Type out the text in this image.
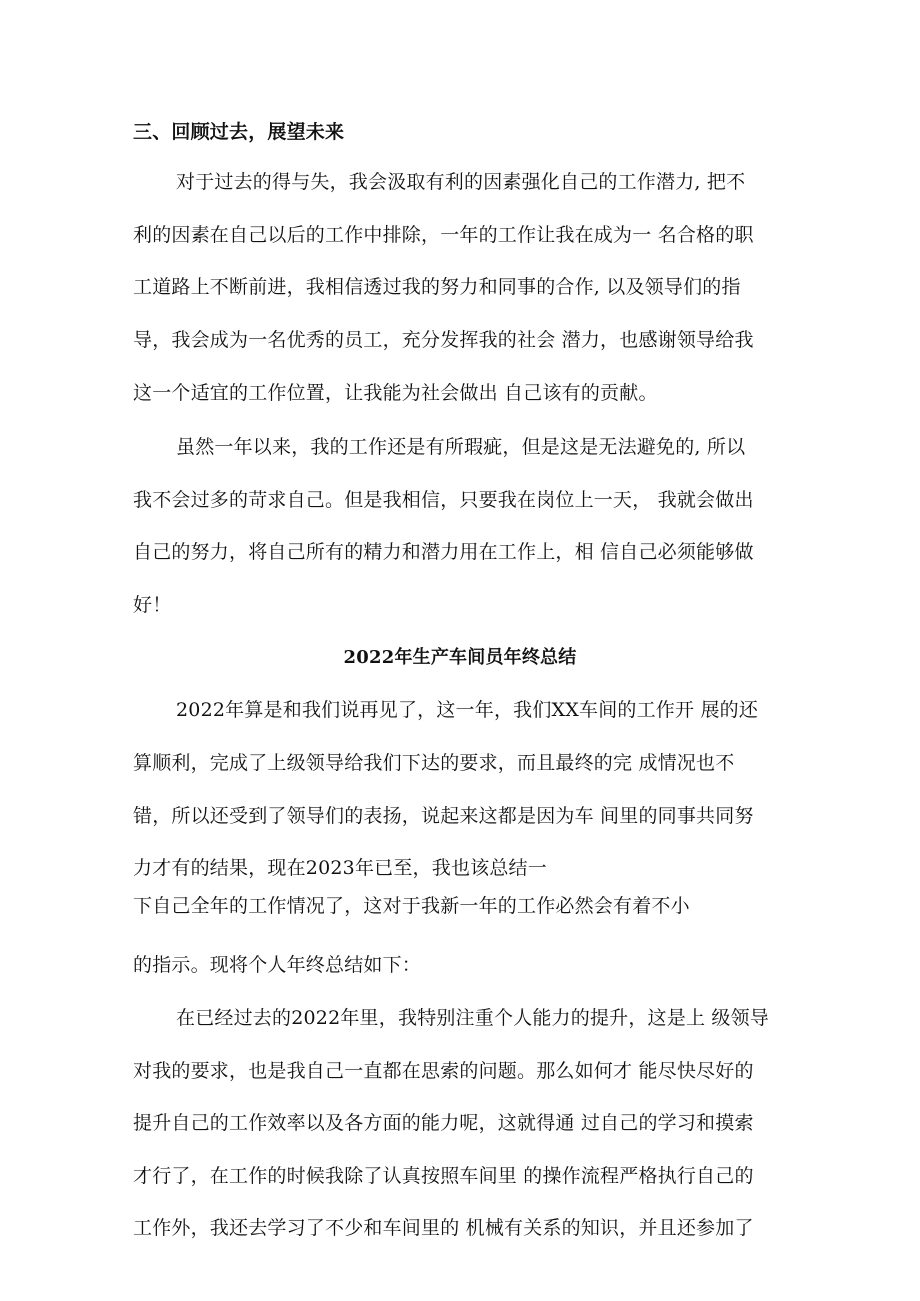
三、回顾过去，展望未来
对于过去的得与失，我会汲取有利的因素强化自己的工作潜力, 把不
利的因素在自己以后的工作中排除，一年的工作让我在成为一 名合格的职
工道路上不断前进，我相信透过我的努力和同事的合作, 以及领导们的指
导，我会成为一名优秀的员工，充分发挥我的社会 潜力，也感谢领导给我
这一个适宜的工作位置，让我能为社会做出 自己该有的贡献。
虽然一年以来，我的工作还是有所瑕疵，但是这是无法避免的, 所以
我不会过多的苛求自己。但是我相信，只要我在岗位上一天， 我就会做出
自己的努力，将自己所有的精力和潜力用在工作上，相 信自己必须能够做
好！
2022年生产车间员年终总结
2022年算是和我们说再见了，这一年，我们XX车间的工作开 展的还
算顺利，完成了上级领导给我们下达的要求，而且最终的完 成情况也不
错，所以还受到了领导们的表扬，说起来这都是因为车 间里的同事共同努
力才有的结果，现在2023年已至，我也该总结一
下自己全年的工作情况了，这对于我新一年的工作必然会有着不小
的指示。现将个人年终总结如下：
在已经过去的2022年里，我特别注重个人能力的提升，这是上 级领导
对我的要求，也是我自己一直都在思索的问题。那么如何才 能尽快尽好的
提升自己的工作效率以及各方面的能力呢，这就得通 过自己的学习和摸索
才行了，在工作的时候我除了认真按照车间里 的操作流程严格执行自己的
工作外，我还去学习了不少和车间里的 机械有关系的知识，并且还参加了
